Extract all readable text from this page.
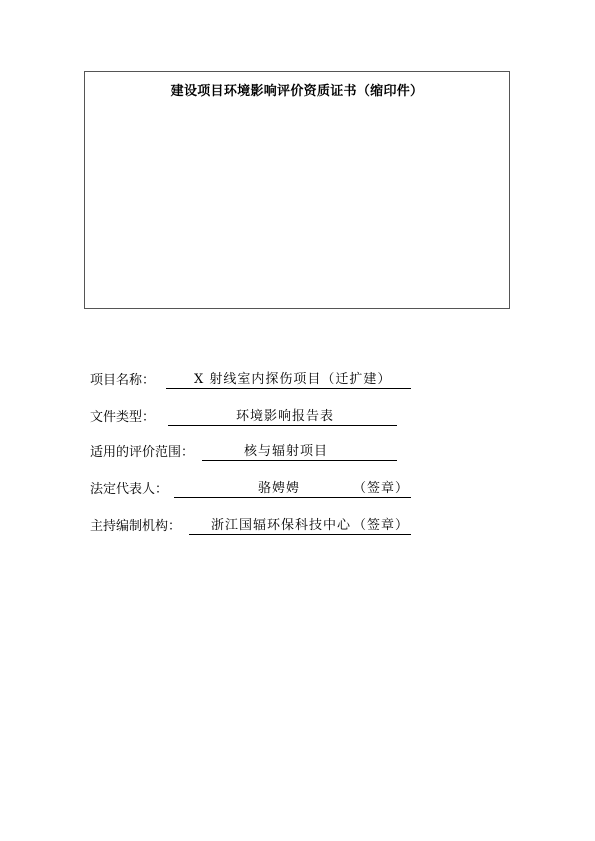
建设项目环境影响评价资质证书（缩印件）
项目名称：	X 射线室内探伤项目（迁扩建）
文件类型：	环境影响报告表
适用的评价范围：	核与辐射项目
法定代表人：	骆娉娉	（签章）
主持编制机构： 浙江国辐环保科技中心 （签章）
